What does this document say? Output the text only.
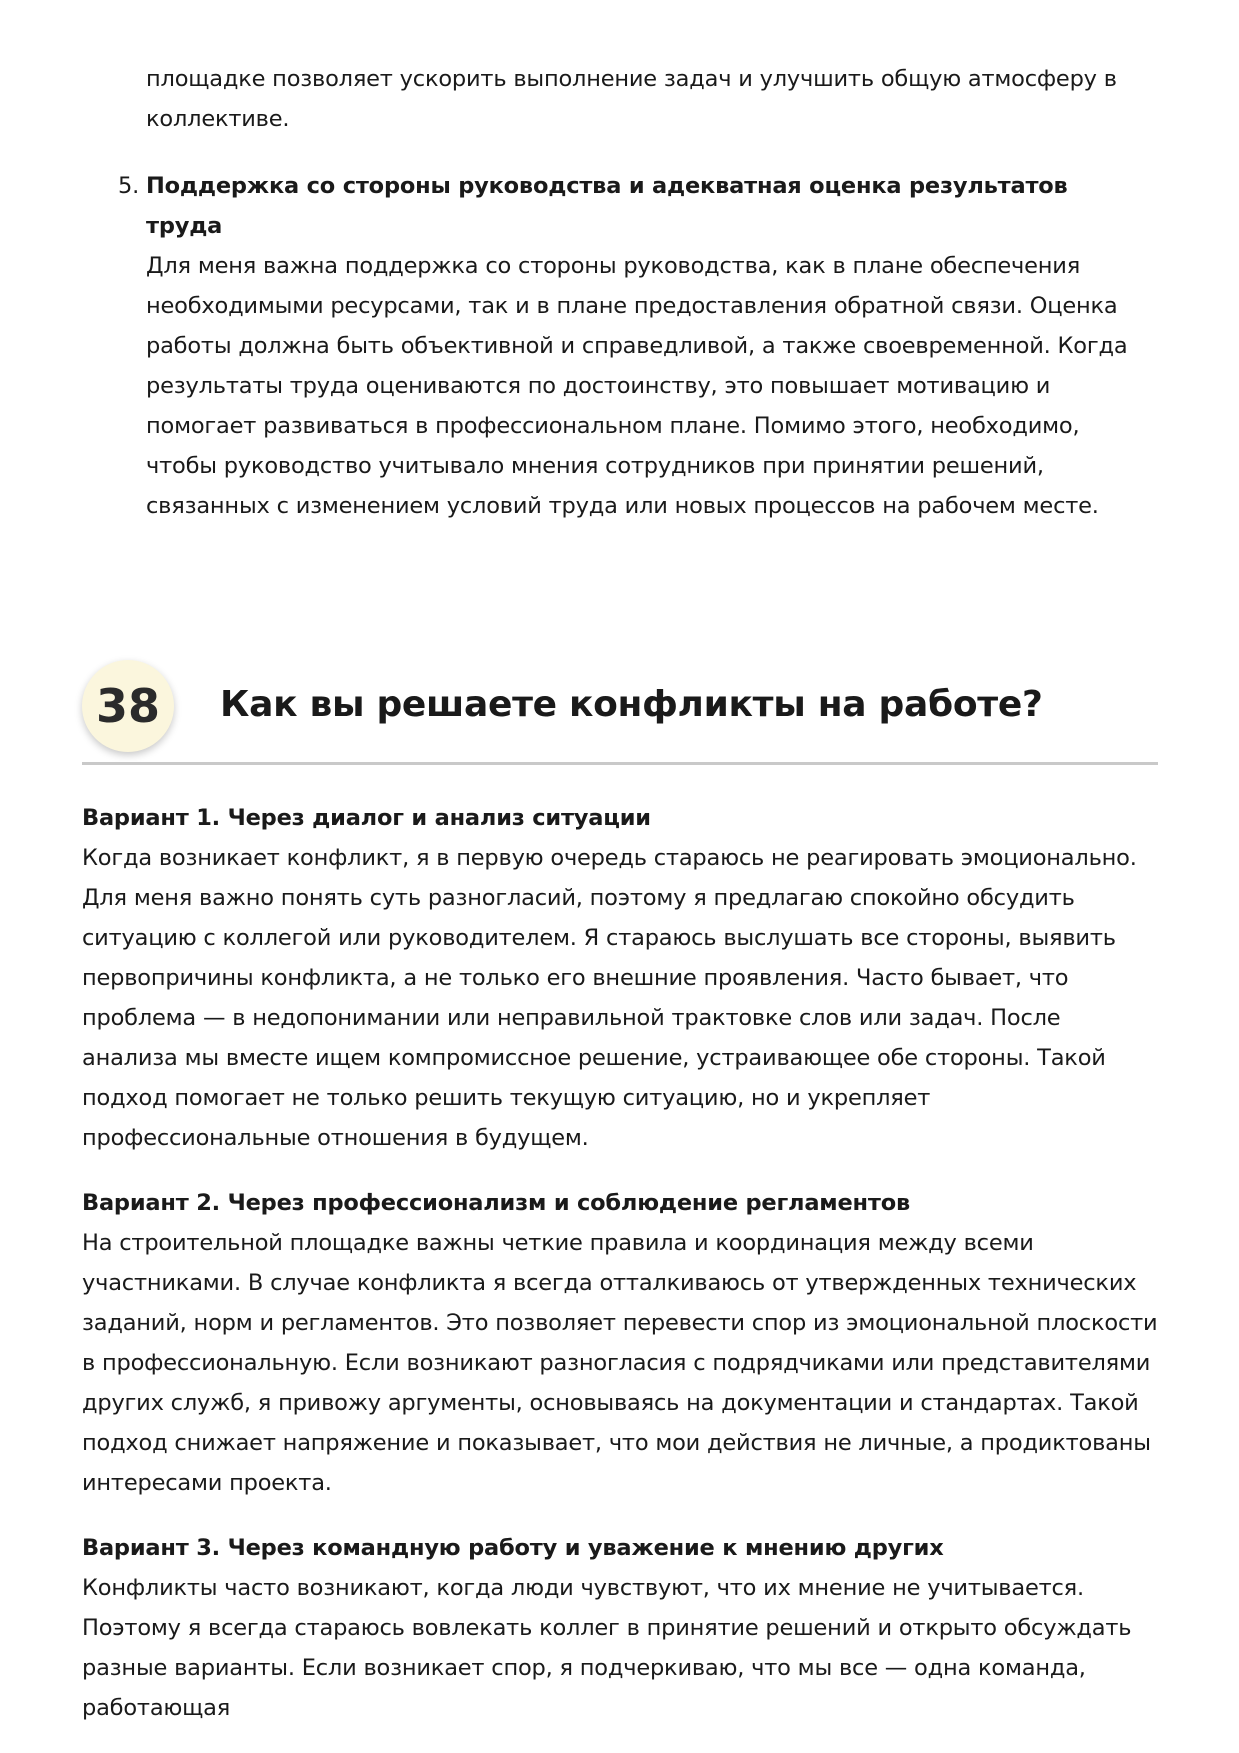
площадке позволяет ускорить выполнение задач и улучшить общую атмосферу в коллективе.

5. Поддержка со стороны руководства и адекватная оценка результатов труда
Для меня важна поддержка со стороны руководства, как в плане обеспечения необходимыми ресурсами, так и в плане предоставления обратной связи. Оценка работы должна быть объективной и справедливой, а также своевременной. Когда результаты труда оцениваются по достоинству, это повышает мотивацию и помогает развиваться в профессиональном плане. Помимо этого, необходимо, чтобы руководство учитывало мнения сотрудников при принятии решений, связанных с изменением условий труда или новых процессов на рабочем месте.

38	Как вы решаете конфликты на работе?

Вариант 1. Через диалог и анализ ситуации

Когда возникает конфликт, я в первую очередь стараюсь не реагировать эмоционально. Для меня важно понять суть разногласий, поэтому я предлагаю спокойно обсудить ситуацию с коллегой или руководителем. Я стараюсь выслушать все стороны, выявить первопричины конфликта, а не только его внешние проявления. Часто бывает, что проблема — в недопонимании или неправильной трактовке слов или задач. После анализа мы вместе ищем компромиссное решение, устраивающее обе стороны. Такой подход помогает не только решить текущую ситуацию, но и укрепляет профессиональные отношения в будущем.

Вариант 2. Через профессионализм и соблюдение регламентов

На строительной площадке важны четкие правила и координация между всеми участниками. В случае конфликта я всегда отталкиваюсь от утвержденных технических заданий, норм и регламентов. Это позволяет перевести спор из эмоциональной плоскости в профессиональную. Если возникают разногласия с подрядчиками или представителями других служб, я привожу аргументы, основываясь на документации и стандартах. Такой подход снижает напряжение и показывает, что мои действия не личные, а продиктованы интересами проекта.

Вариант 3. Через командную работу и уважение к мнению других

Конфликты часто возникают, когда люди чувствуют, что их мнение не учитывается. Поэтому я всегда стараюсь вовлекать коллег в принятие решений и открыто обсуждать разные варианты. Если возникает спор, я подчеркиваю, что мы все — одна команда, работающая
